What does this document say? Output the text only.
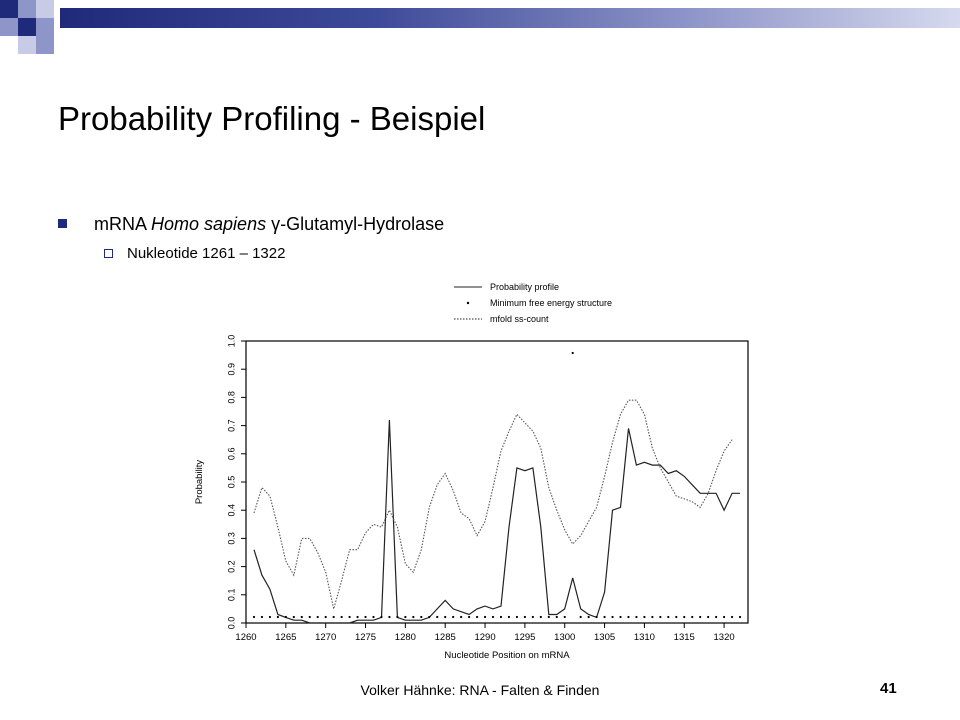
Probability Profiling - Beispiel
mRNA Homo sapiens γ-Glutamyl-Hydrolase
Nukleotide 1261 – 1322
0.0
0.1
0.2
0.3
0.4
0.5
0.6
0.7
0.8
0.9
1.0
1260 1265 1270 1275 1280 1285 1290 1295 1300 1305 1310 1315 1320
Nucleotide Position on mRNA
Probability
Probability profile
Minimum free energy structure
mfold ss-count
Volker Hähnke: RNA - Falten & Finden	41
